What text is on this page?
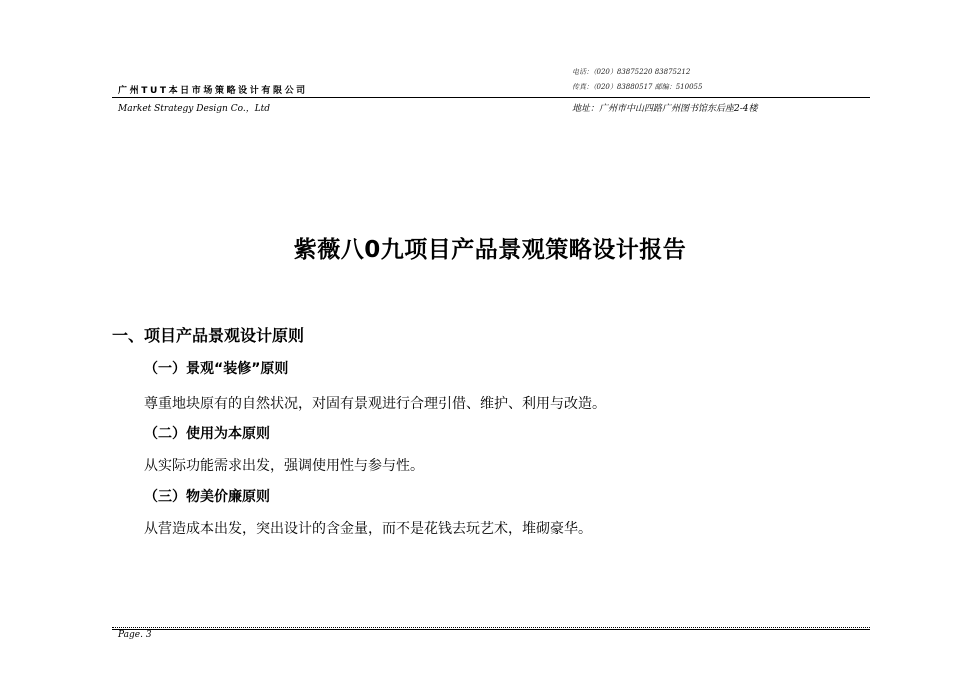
电话：（020）83875220 83875212
传真：（020）83880517 邮编：510055
广州TUT本日市场策略设计有限公司
Market Strategy Design Co.，Ltd	地址：广州市中山四路广州图书馆东后座2-4楼
紫薇八0九项目产品景观策略设计报告
一、项目产品景观设计原则
（一）景观“装修”原则
尊重地块原有的自然状况，对固有景观进行合理引借、维护、利用与改造。
（二）使用为本原则
从实际功能需求出发，强调使用性与参与性。
（三）物美价廉原则
从营造成本出发，突出设计的含金量，而不是花钱去玩艺术，堆砌豪华。
Page. 3
